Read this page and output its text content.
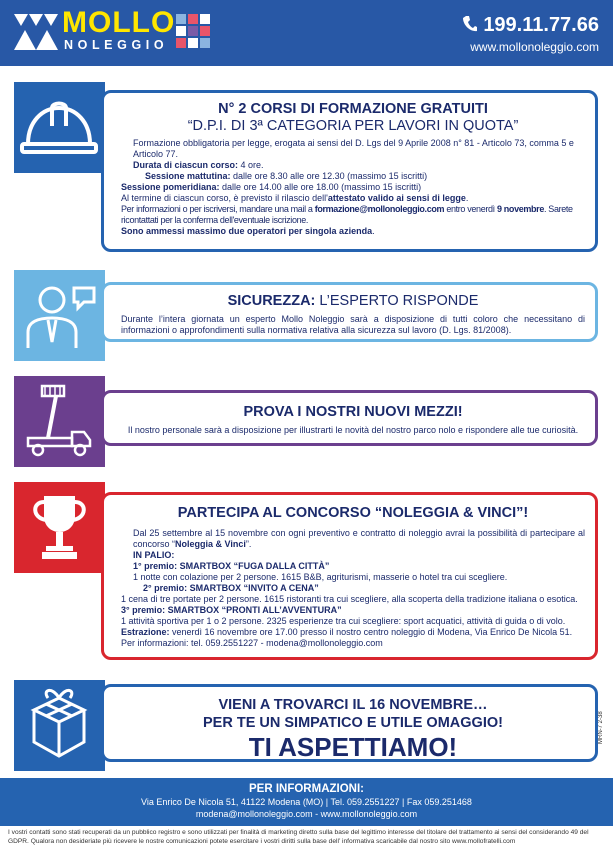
MOLLO
NOLEGGIO
199.11.77.66
www.mollonoleggio.com
N° 2 CORSI DI FORMAZIONE GRATUITI
“D.P.I. DI 3ª CATEGORIA PER LAVORI IN QUOTA”
Formazione obbligatoria per legge, erogata ai sensi del D. Lgs del 9 Aprile 2008 n° 81 - Articolo 73, comma 5 e Articolo 77.
Durata di ciascun corso: 4 ore.
Sessione mattutina: dalle ore 8.30 alle ore 12.30 (massimo 15 iscritti)
Sessione pomeridiana: dalle ore 14.00 alle ore 18.00 (massimo 15 iscritti)
Al termine di ciascun corso, è previsto il rilascio dell'attestato valido ai sensi di legge.
Per informazioni o per iscriversi, mandare una mail a formazione@mollonoleggio.com entro venerdì 9 novembre. Sarete ricontattati per la conferma dell'eventuale iscrizione.
Sono ammessi massimo due operatori per singola azienda.
SICUREZZA: L’ESPERTO RISPONDE
Durante l’intera giornata un esperto Mollo Noleggio sarà a disposizione di tutti coloro che necessitano di informazioni o approfondimenti sulla normativa relativa alla sicurezza sul lavoro (D. Lgs. 81/2008).
PROVA I NOSTRI NUOVI MEZZI!
Il nostro personale sarà a disposizione per illustrarti le novità del nostro parco nolo e rispondere alle tue curiosità.
PARTECIPA AL CONCORSO “NOLEGGIA & VINCI”!
Dal 25 settembre al 15 novembre con ogni preventivo e contratto di noleggio avrai la possibilità di partecipare al concorso “Noleggia & Vinci”.
IN PALIO:
1° premio: SMARTBOX “FUGA DALLA CITTÀ”
1 notte con colazione per 2 persone. 1615 B&B, agriturismi, masserie o hotel tra cui scegliere.
2° premio: SMARTBOX “INVITO A CENA”
1 cena di tre portate per 2 persone. 1615 ristoranti tra cui scegliere, alla scoperta della tradizione italiana o esotica.
3° premio: SMARTBOX “PRONTI ALL’AVVENTURA”
1 attività sportiva per 1 o 2 persone. 2325 esperienze tra cui scegliere: sport acquatici, attività di guida o di volo.
Estrazione: venerdì 16 novembre ore 17.00 presso il nostro centro noleggio di Modena, Via Enrico De Nicola 51.
Per informazioni: tel. 059.2551227 - modena@mollonoleggio.com
VIENI A TROVARCI IL 16 NOVEMBRE…
PER TE UN SIMPATICO E UTILE OMAGGIO!
TI ASPETTIAMO!
MRN-7 2-38
PER INFORMAZIONI:
Via Enrico De Nicola 51, 41122 Modena (MO) | Tel. 059.2551227 | Fax 059.251468
modena@mollonoleggio.com - www.mollonoleggio.com
I vostri contatti sono stati recuperati da un pubblico registro e sono utilizzati per finalità di marketing diretto sulla base del legittimo interesse del titolare del trattamento ai sensi del considerando 49 del GDPR. Qualora non desideriate più ricevere le nostre comunicazioni potete esercitare i vostri diritti sulla base dell’ informativa scaricabile dal nostro sito www.mollofratelli.com
